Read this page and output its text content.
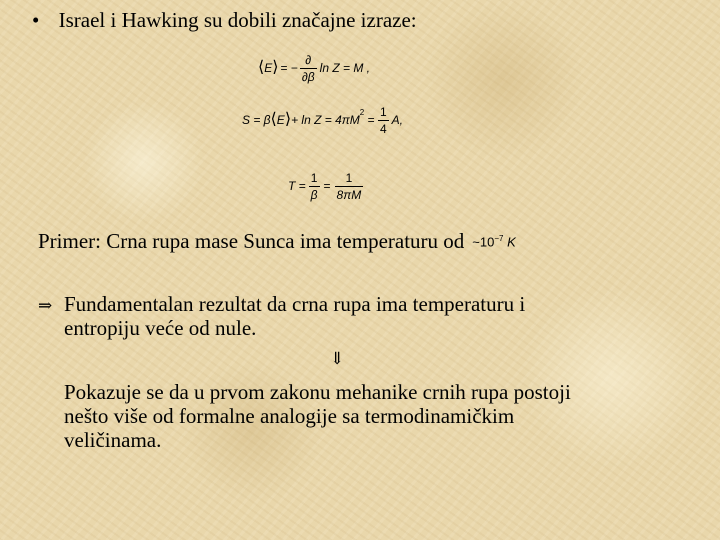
• Israel i Hawking su dobili značajne izraze:
⟨ E ⟩ = − $\frac{\partial}{\partial\beta}$ ln Z = M ,
S = β ⟨ E ⟩ + ln Z = 4πM
$^2$
= $\frac{1}{4} A$,
$T = \frac{1}{\beta} = \frac{1}{8\pi M}$
Primer: Crna rupa mase Sunca ima temperaturu od $\sim 10^{-7}$ K
⇒ Fundamentalan rezultat da crna rupa ima temperaturu i
entropiju veće od nule.
⇓
Pokazuje se da u prvom zakonu mehanike crnih rupa postoji
nešto više od formalne analogije sa termodinamičkim
veličinama.
